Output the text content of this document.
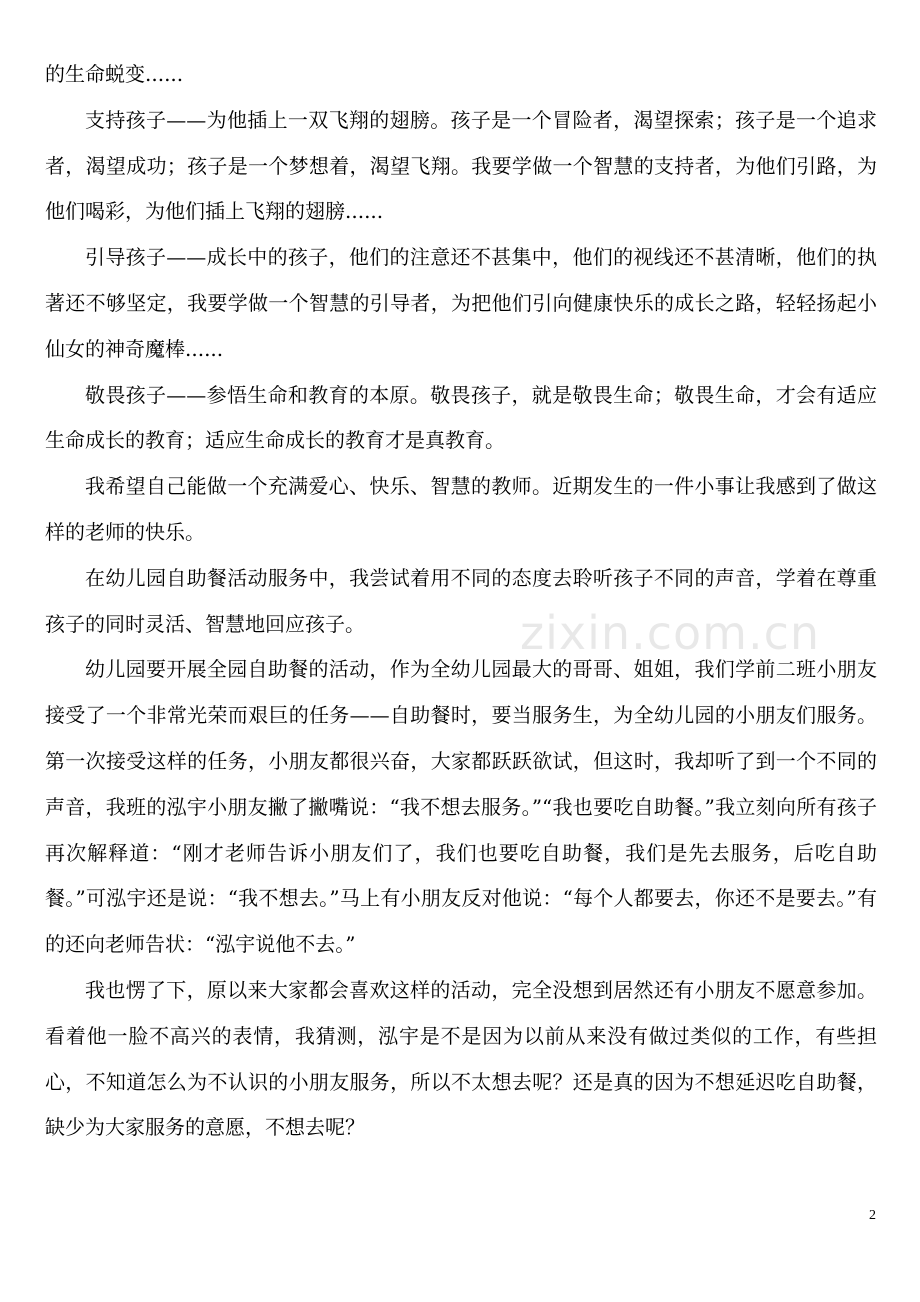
的生命蜕变......

支持孩子——为他插上一双飞翔的翅膀。孩子是一个冒险者，渴望探索；孩子是一个追求者，渴望成功；孩子是一个梦想着，渴望飞翔。我要学做一个智慧的支持者，为他们引路，为他们喝彩，为他们插上飞翔的翅膀......

引导孩子——成长中的孩子，他们的注意还不甚集中，他们的视线还不甚清晰，他们的执著还不够坚定，我要学做一个智慧的引导者，为把他们引向健康快乐的成长之路，轻轻扬起小仙女的神奇魔棒......

敬畏孩子——参悟生命和教育的本原。敬畏孩子，就是敬畏生命；敬畏生命，才会有适应生命成长的教育；适应生命成长的教育才是真教育。

我希望自己能做一个充满爱心、快乐、智慧的教师。近期发生的一件小事让我感到了做这样的老师的快乐。

在幼儿园自助餐活动服务中，我尝试着用不同的态度去聆听孩子不同的声音，学着在尊重孩子的同时灵活、智慧地回应孩子。

幼儿园要开展全园自助餐的活动，作为全幼儿园最大的哥哥、姐姐，我们学前二班小朋友接受了一个非常光荣而艰巨的任务——自助餐时，要当服务生，为全幼儿园的小朋友们服务。第一次接受这样的任务，小朋友都很兴奋，大家都跃跃欲试，但这时，我却听了到一个不同的声音，我班的泓宇小朋友撇了撇嘴说：“我不想去服务。”“我也要吃自助餐。”我立刻向所有孩子再次解释道：“刚才老师告诉小朋友们了，我们也要吃自助餐，我们是先去服务，后吃自助餐。”可泓宇还是说：“我不想去。”马上有小朋友反对他说：“每个人都要去，你还不是要去。”有的还向老师告状：“泓宇说他不去。”

我也愣了下，原以来大家都会喜欢这样的活动，完全没想到居然还有小朋友不愿意参加。看着他一脸不高兴的表情，我猜测，泓宇是不是因为以前从来没有做过类似的工作，有些担心，不知道怎么为不认识的小朋友服务，所以不太想去呢？还是真的因为不想延迟吃自助餐，缺少为大家服务的意愿，不想去呢？

zixin.com.cn
2
